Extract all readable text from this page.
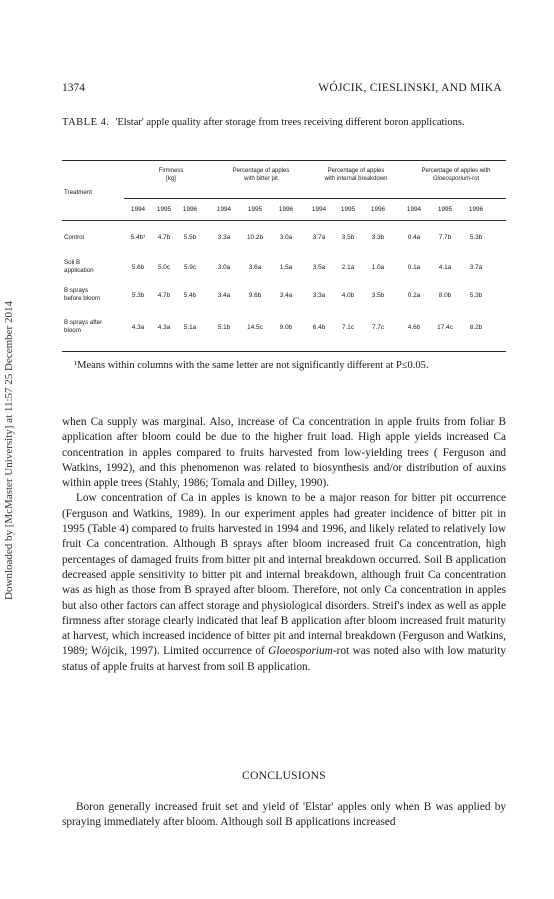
1374	WÓJCIK, CIESLINSKI, AND MIKA
Downloaded by [McMaster University] at 11:57 25 December 2014
TABLE 4. 'Elstar' apple quality after storage from trees receiving different boron applications.
Treatment
Firmness
[kg]
Percentage of apples
with bitter pit
Percentage of apples
with internal breakdown
Percentage of apples with
Gloeosporium-rot
1994	1995	1996	1994	1995	1996	1994	1995	1996	1994	1995	1996
Control	5.4b¹	4.7b	5.5b	3.3a	10.2b	3.0a	3.7a	3.5b	3.3b	0.4a	7.7b	5.3b
Soil B
application	5.6b	5.0c	5.9c	3.0a	3.6a	1.5a	3.5a	2.1a	1.0a	0.1a	4.1a	3.7a
B sprays
before bloom	5.3b	4.7b	5.4b	3.4a	9.6b	3.4a	3.3a	4.0b	3.5b	0.2a	8.0b	5.3b
B sprays after
bloom	4.3a	4.3a	5.1a	5.1b	14.5c	9.0b	6.4b	7.1c	7.7c	4.6b	17.4c	8.2b
¹Means within columns with the same letter are not significantly different at P≤0.05.

when Ca supply was marginal. Also, increase of Ca concentration in apple fruits from foliar B application after bloom could be due to the higher fruit load. High apple yields increased Ca concentration in apples compared to fruits harvested from low-yielding trees ( Ferguson and Watkins, 1992), and this phenomenon was related to biosynthesis and/or distribution of auxins within apple trees (Stahly, 1986; Tomala and Dilley, 1990).

Low concentration of Ca in apples is known to be a major reason for bitter pit occurrence (Ferguson and Watkins, 1989). In our experiment apples had greater incidence of bitter pit in 1995 (Table 4) compared to fruits harvested in 1994 and 1996, and likely related to relatively low fruit Ca concentration. Although B sprays after bloom increased fruit Ca concentration, high percentages of damaged fruits from bitter pit and internal breakdown occurred. Soil B application decreased apple sensitivity to bitter pit and internal breakdown, although fruit Ca concentration was as high as those from B sprayed after bloom. Therefore, not only Ca concentration in apples but also other factors can affect storage and physiological disorders. Streif's index as well as apple firmness after storage clearly indicated that leaf B application after bloom increased fruit maturity at harvest, which increased incidence of bitter pit and internal breakdown (Ferguson and Watkins, 1989; Wójcik, 1997). Limited occurrence of Gloeosporium-rot was noted also with low maturity status of apple fruits at harvest from soil B application.

CONCLUSIONS

Boron generally increased fruit set and yield of 'Elstar' apples only when B was applied by spraying immediately after bloom. Although soil B applications increased
